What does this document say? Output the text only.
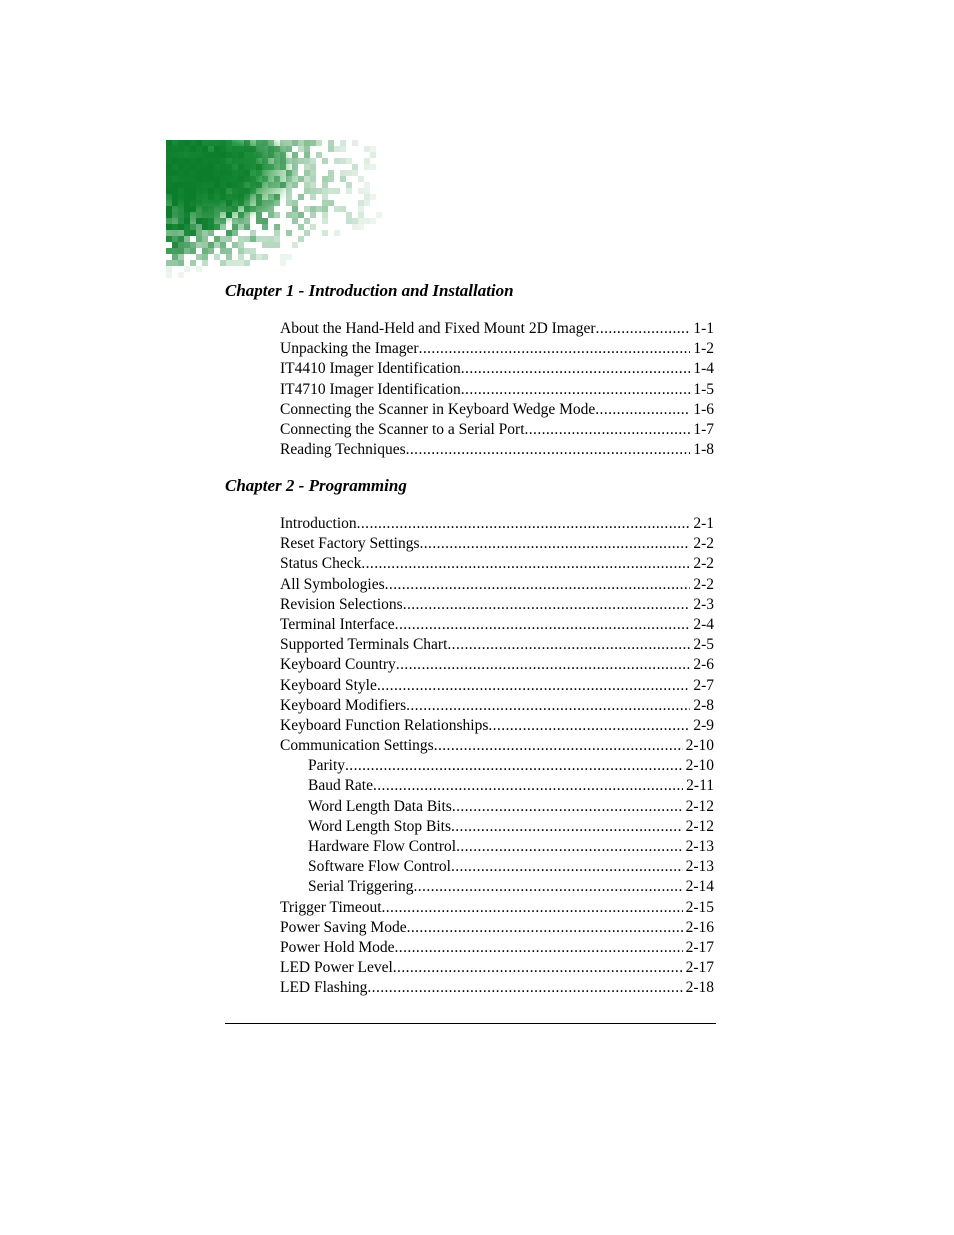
Chapter 1 - Introduction and Installation
About the Hand-Held and Fixed Mount 2D Imager .....	1-1
Unpacking the Imager .....	1-2
IT4410 Imager Identification .....	1-4
IT4710 Imager Identification .....	1-5
Connecting the Scanner in Keyboard Wedge Mode .....	1-6
Connecting the Scanner to a Serial Port .....	1-7
Reading Techniques .....	1-8
Chapter 2 - Programming
Introduction .....	2-1
Reset Factory Settings .....	2-2
Status Check .....	2-2
All Symbologies .....	2-2
Revision Selections .....	2-3
Terminal Interface .....	2-4
Supported Terminals Chart .....	2-5
Keyboard Country .....	2-6
Keyboard Style .....	2-7
Keyboard Modifiers .....	2-8
Keyboard Function Relationships .....	2-9
Communication Settings .....	2-10
Parity .....	2-10
Baud Rate .....	2-11
Word Length Data Bits .....	2-12
Word Length Stop Bits .....	2-12
Hardware Flow Control .....	2-13
Software Flow Control .....	2-13
Serial Triggering .....	2-14
Trigger Timeout .....	2-15
Power Saving Mode .....	2-16
Power Hold Mode .....	2-17
LED Power Level .....	2-17
LED Flashing .....	2-18
